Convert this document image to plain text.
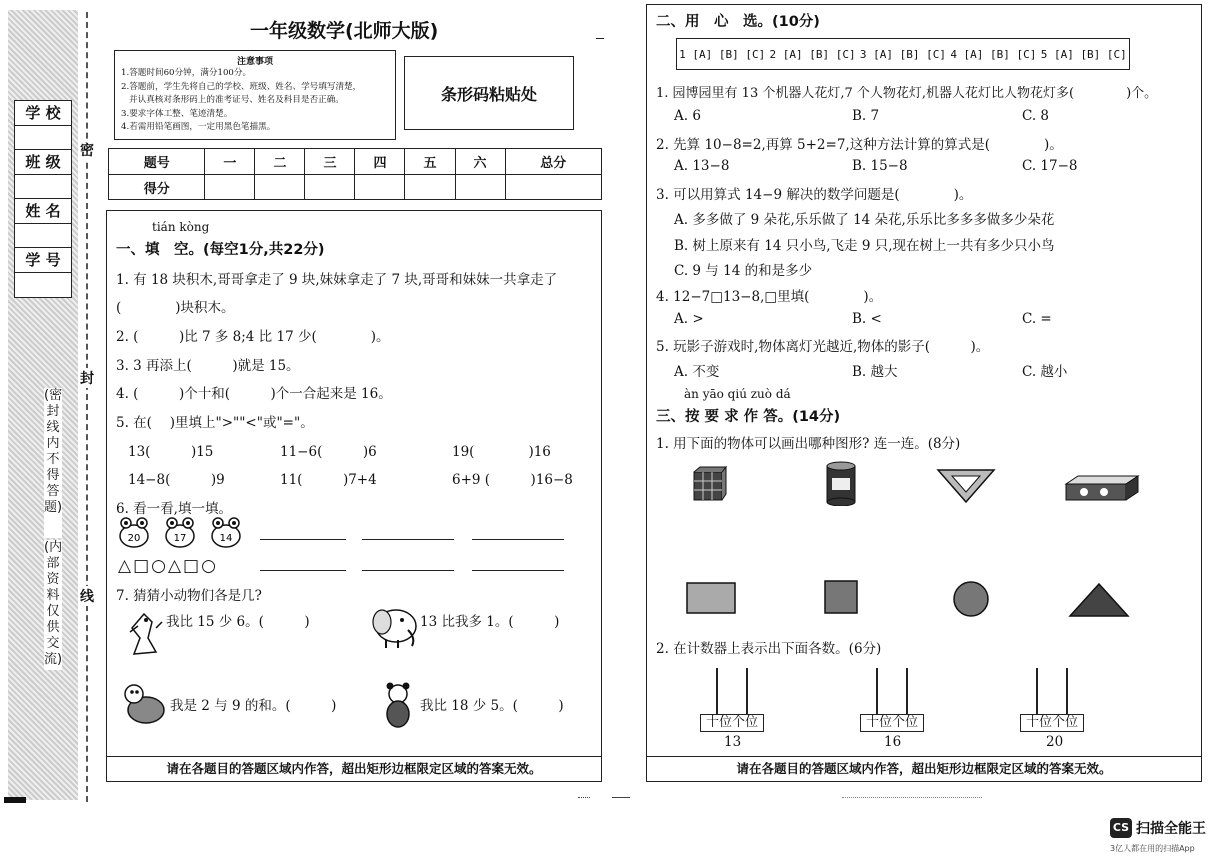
学 校
班 级
姓 名
学 号
(密封线内不得答题)
(内部资料 仅供交流)
密
封
线
一年级数学(北师大版)
注意事项
1.答题时间60分钟，满分100分。
2.答题前，学生先将自己的学校、班级、姓名、学号填写清楚，
并认真核对条形码上的准考证号、姓名及科目是否正确。
3.要求字体工整、笔迹清楚。
4.若需用铅笔画图，一定用黑色笔描黑。
条形码粘贴处
题号	一	二	三	四	五	六	总分
得分							
tián kòng
一、填　空。(每空1分,共22分)
1. 有 18 块积木,哥哥拿走了 9 块,妹妹拿走了 7 块,哥哥和妹妹一共拿走了
(　　　　)块积木。
2. (　　　)比 7 多 8;4 比 17 少(　　　　)。
3. 3 再添上(　　　)就是 15。
4. (　　　)个十和(　　　)个一合起来是 16。
5. 在(　 )里填上">""<"或"="。
13(　　　)15	11−6(　　　)6	19(　　　　)16
14−8(　　　)9	11(　　　)7+4	6+9 (　　　)16−8
6. 看一看,填一填。
20	17	14
△□○△□○
7. 猜猜小动物们各是几?
我比 15 少 6。(　　　)	13 比我多 1。(　　　)
我是 2 与 9 的和。(　　　)	我比 18 少 5。(　　　)
请在各题目的答题区域内作答，超出矩形边框限定区域的答案无效。
二、用　心　选。(10分)
1 [A] [B] [C] 2 [A] [B] [C] 3 [A] [B] [C] 4 [A] [B] [C] 5 [A] [B] [C]
1. 园博园里有 13 个机器人花灯,7 个人物花灯,机器人花灯比人物花灯多(　　　　)个。
A. 6	B. 7	C. 8
2. 先算 10−8=2,再算 5+2=7,这种方法计算的算式是(　　　　)。
A. 13−8	B. 15−8	C. 17−8
3. 可以用算式 14−9 解决的数学问题是(　　　　)。
A. 多多做了 9 朵花,乐乐做了 14 朵花,乐乐比多多多做多少朵花
B. 树上原来有 14 只小鸟,飞走 9 只,现在树上一共有多少只小鸟
C. 9 与 14 的和是多少
4. 12−7□13−8,□里填(　　　　)。
A. >	B. <	C. =
5. 玩影子游戏时,物体离灯光越近,物体的影子(　　　)。
A. 不变	B. 越大	C. 越小
àn yāo qiú zuò dá
三、按 要 求 作 答。(14分)
1. 用下面的物体可以画出哪种图形? 连一连。(8分)
2. 在计数器上表示出下面各数。(6分)
十位个位
13
十位个位
16
十位个位
20
请在各题目的答题区域内作答，超出矩形边框限定区域的答案无效。
CS 扫描全能王
3亿人都在用的扫描App
